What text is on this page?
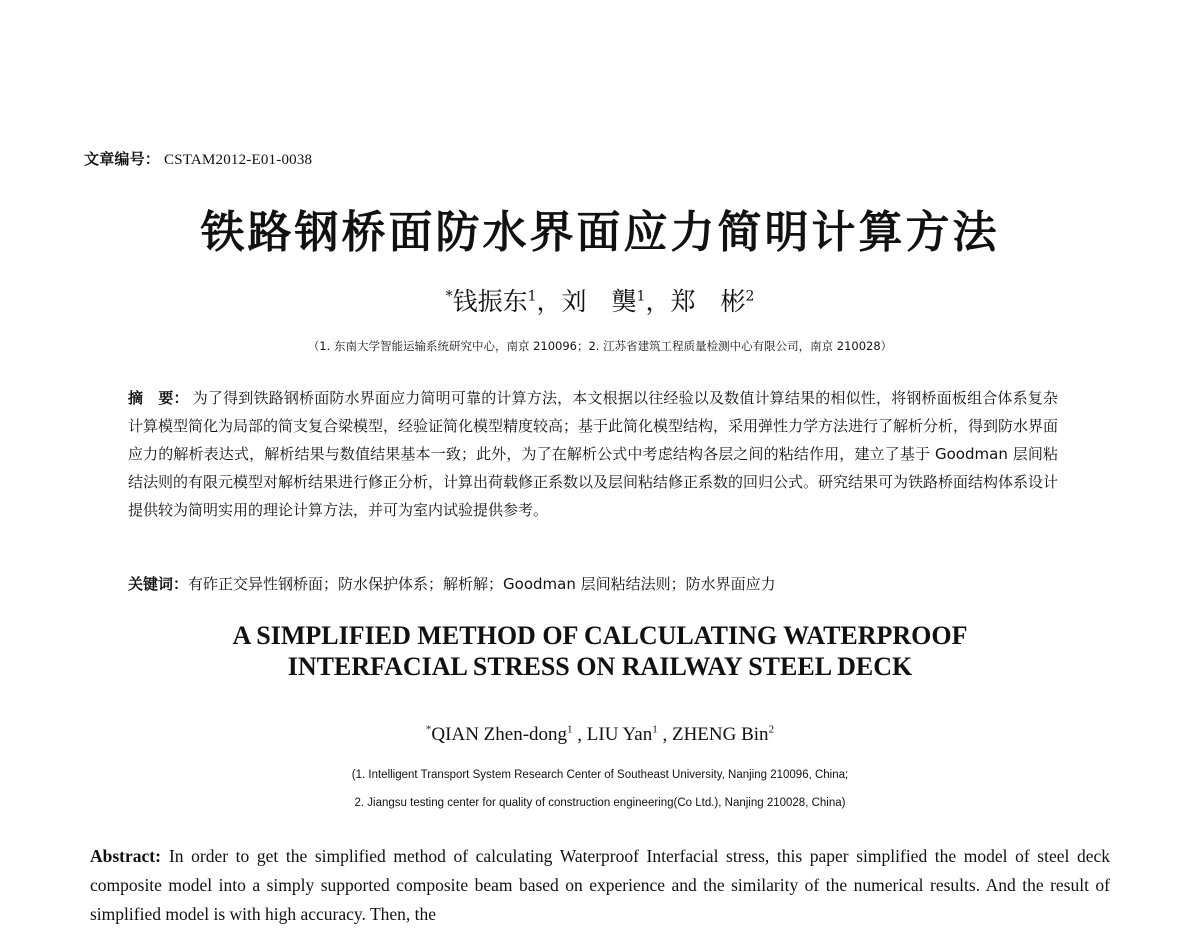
文章编号： CSTAM2012-E01-0038
铁路钢桥面防水界面应力简明计算方法
*钱振东$^1$，刘　龑$^1$，郑　彬$^2$
（1. 东南大学智能运输系统研究中心，南京 210096；2. 江苏省建筑工程质量检测中心有限公司，南京 210028）
摘　要： 为了得到铁路钢桥面防水界面应力简明可靠的计算方法，本文根据以往经验以及数值计算结果的相似性，将钢桥面板组合体系复杂计算模型简化为局部的简支复合梁模型，经验证简化模型精度较高；基于此简化模型结构，采用弹性力学方法进行了解析分析，得到防水界面应力的解析表达式，解析结果与数值结果基本一致；此外，为了在解析公式中考虑结构各层之间的粘结作用，建立了基于 Goodman 层间粘结法则的有限元模型对解析结果进行修正分析，计算出荷载修正系数以及层间粘结修正系数的回归公式。研究结果可为铁路桥面结构体系设计提供较为简明实用的理论计算方法，并可为室内试验提供参考。
关键词：有砟正交异性钢桥面；防水保护体系；解析解；Goodman 层间粘结法则；防水界面应力
A SIMPLIFIED METHOD OF CALCULATING WATERPROOF
INTERFACIAL STRESS ON RAILWAY STEEL DECK
*QIAN Zhen-dong$^1$ , LIU Yan$^1$ , ZHENG Bin$^2$
(1. Intelligent Transport System Research Center of Southeast University, Nanjing 210096, China;
2. Jiangsu testing center for quality of construction engineering(Co Ltd.), Nanjing 210028, China)
Abstract: In order to get the simplified method of calculating Waterproof Interfacial stress, this paper simplified the model of steel deck composite model into a simply supported composite beam based on experience and the similarity of the numerical results. And the result of simplified model is with high accuracy. Then, the
